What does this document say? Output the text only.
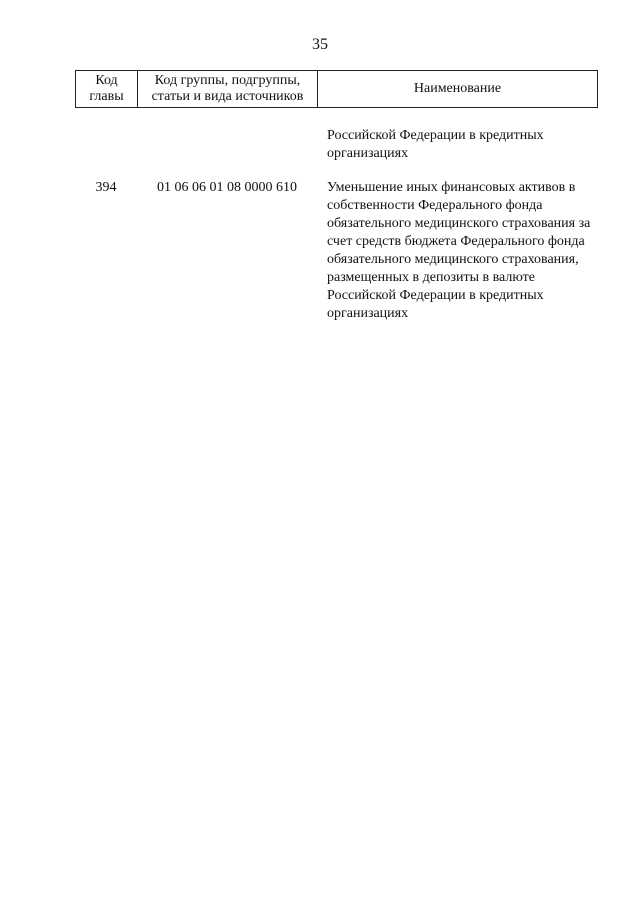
35
Код главы	Код группы, подгруппы, статьи и вида источников	Наименование
Российской Федерации в кредитных организациях
394	01 06 06 01 08 0000 610	Уменьшение иных финансовых активов в собственности Федерального фонда обязательного медицинского страхования за счет средств бюджета Федерального фонда обязательного медицинского страхования, размещенных в депозиты в валюте Российской Федерации в кредитных организациях
